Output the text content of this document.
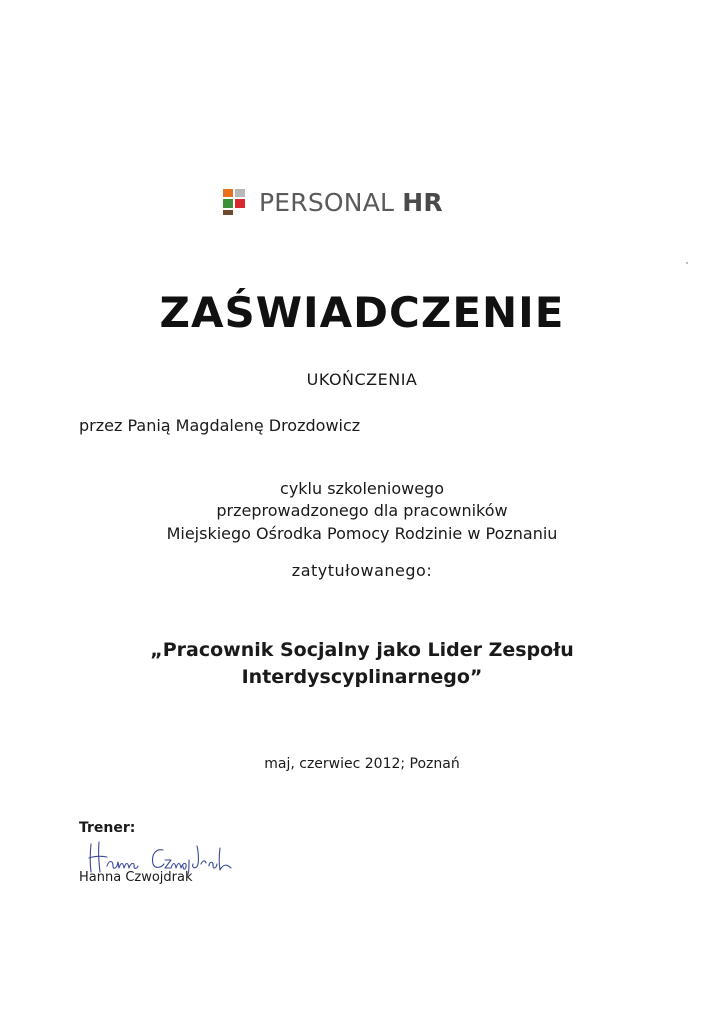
PERSONAL HR
ZAŚWIADCZENIE
UKOŃCZENIA
przez Panią Magdalenę Drozdowicz
cyklu szkoleniowego
przeprowadzonego dla pracowników
Miejskiego Ośrodka Pomocy Rodzinie w Poznaniu
zatytułowanego:
„Pracownik Socjalny jako Lider Zespołu
Interdyscyplinarnego”
maj, czerwiec 2012; Poznań
Trener:
Hanna Czwojdrak
